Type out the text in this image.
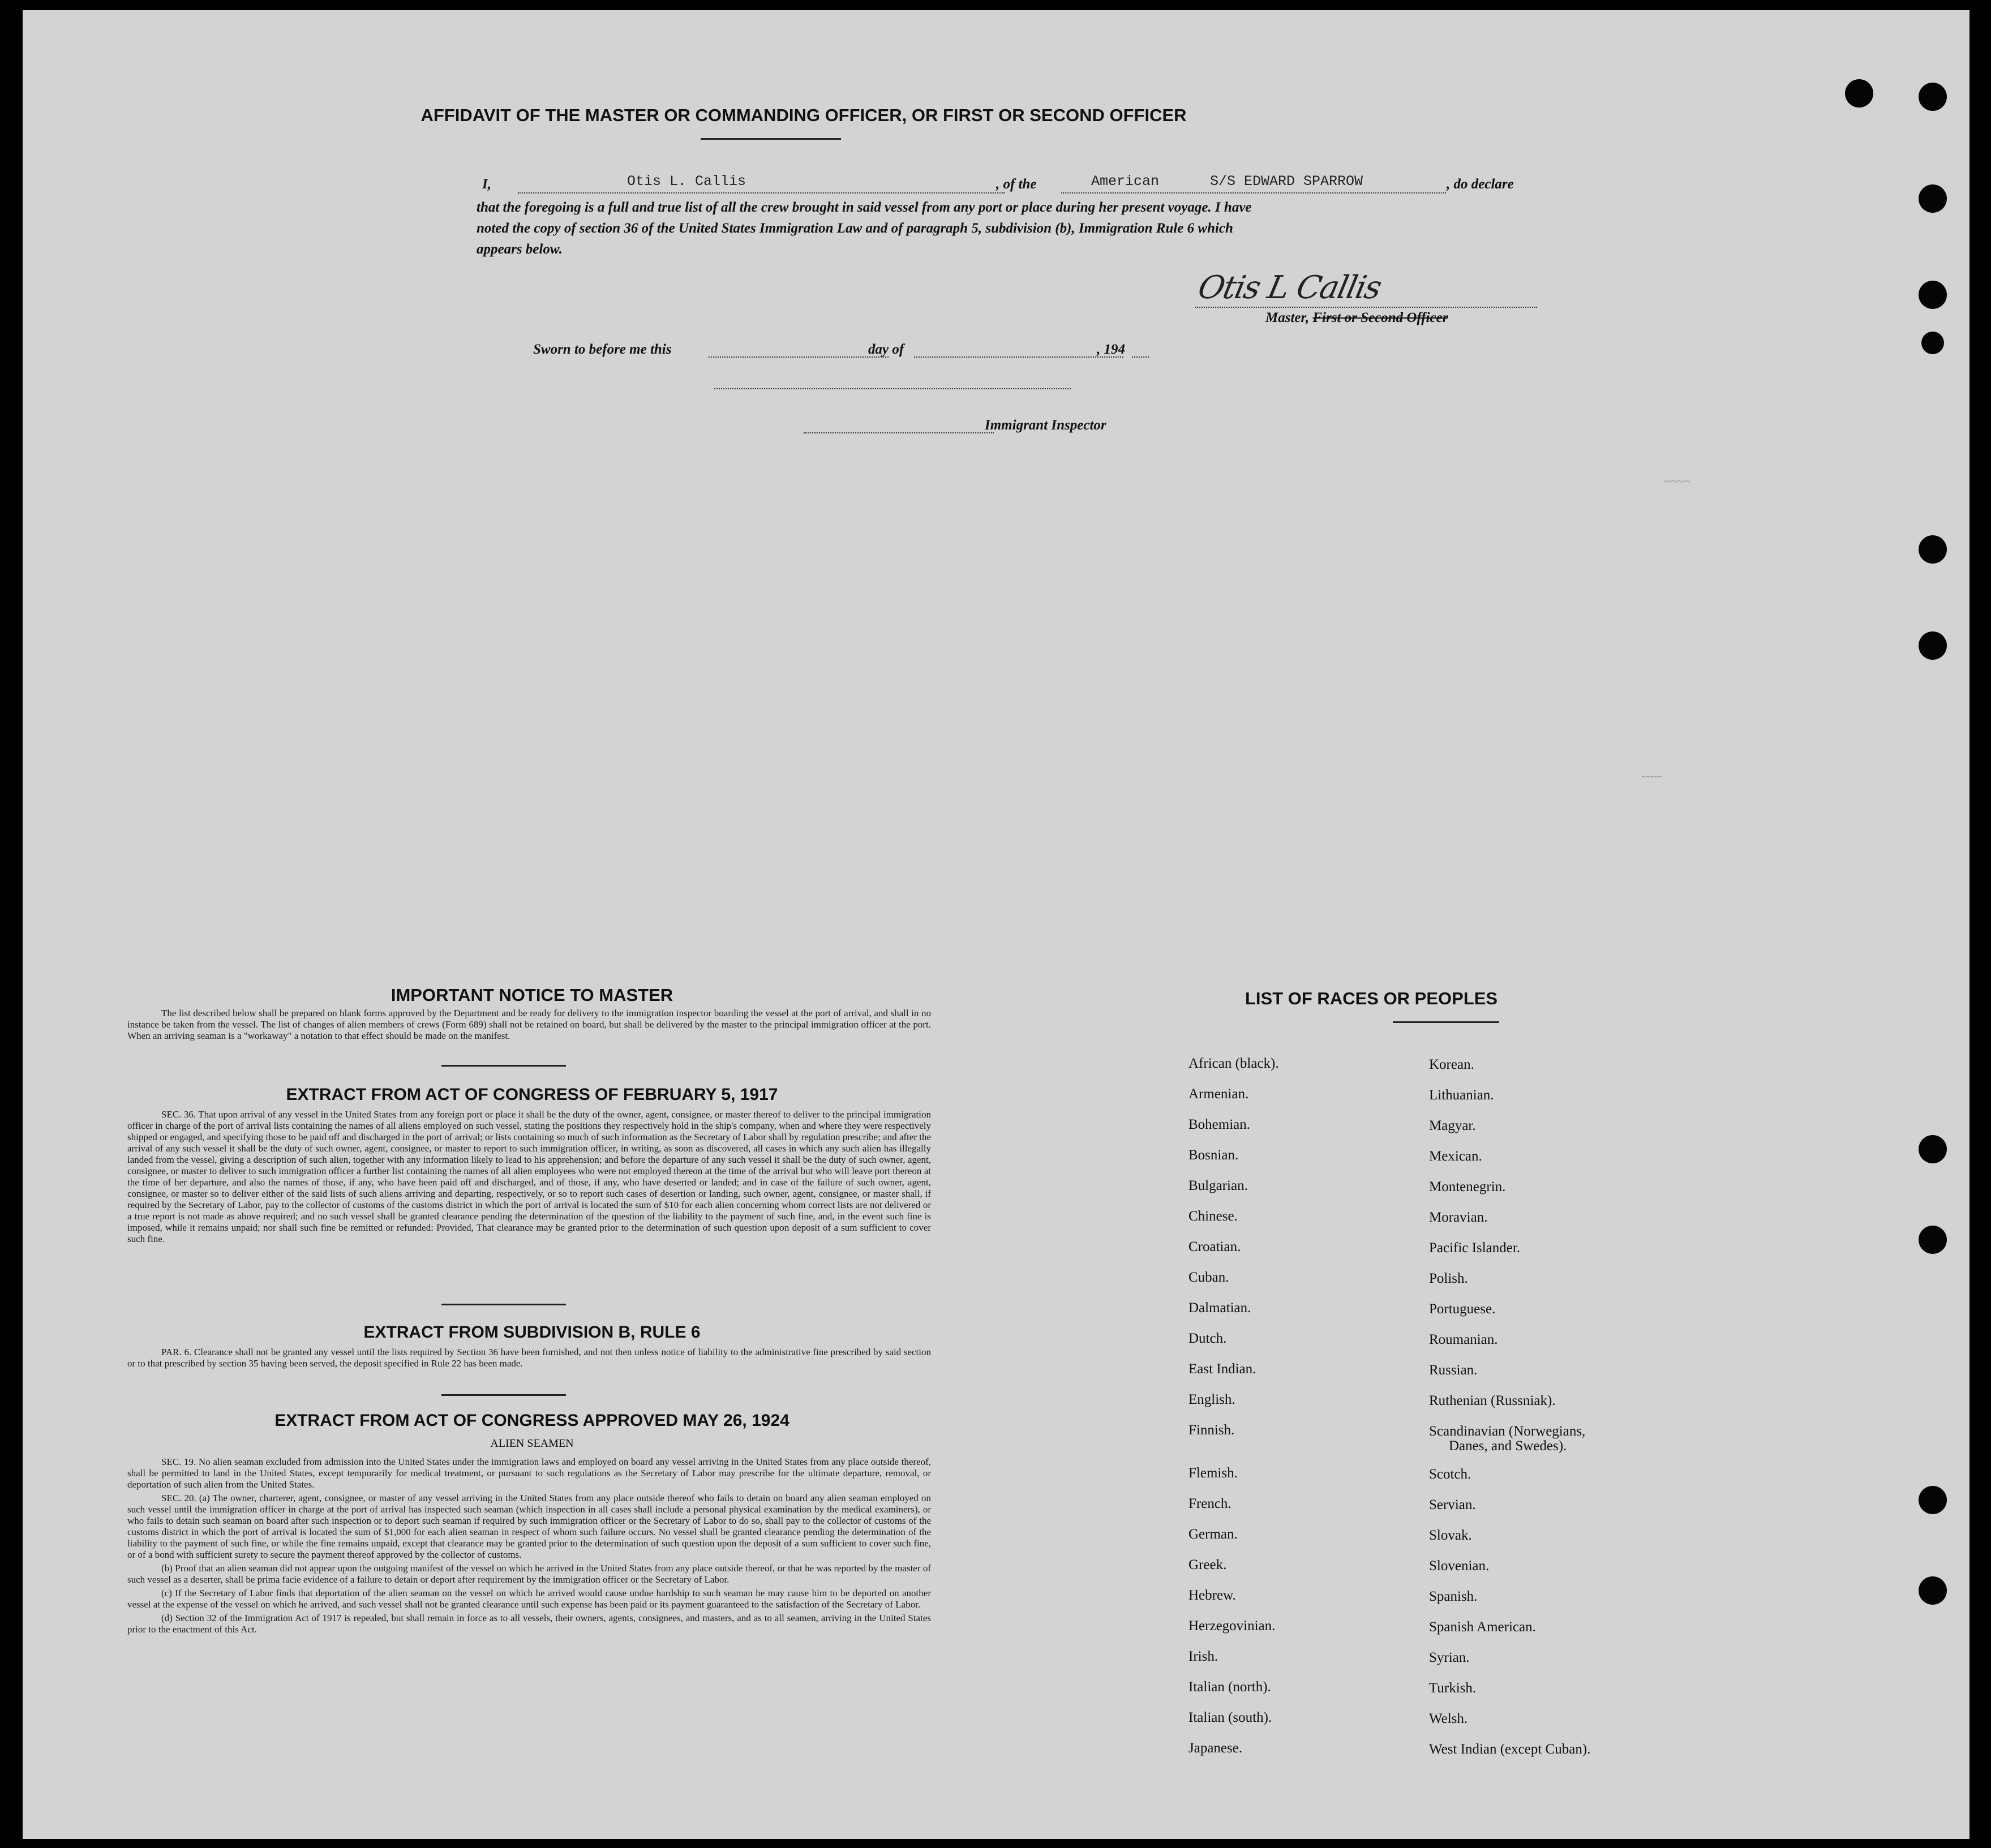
~~~~
-----
AFFIDAVIT OF THE MASTER OR COMMANDING OFFICER, OR FIRST OR SECOND OFFICER
I,	Otis L. Callis	, of the	American	S/S EDWARD SPARROW	, do declare
that the foregoing is a full and true list of all the crew brought in said vessel from any port or place during her present voyage. I have
noted the copy of section 36 of the United States Immigration Law and of paragraph 5, subdivision (b), Immigration Rule 6 which
appears below.
Otis L Callis
Master, First or Second Officer
Sworn to before me this	day of	, 194
Immigrant Inspector
IMPORTANT NOTICE TO MASTER

The list described below shall be prepared on blank forms approved by the Department and be ready for delivery to the immigration inspector boarding the vessel at the port of arrival, and shall in no instance be taken from the vessel. The list of changes of alien members of crews (Form 689) shall not be retained on board, but shall be delivered by the master to the principal immigration officer at the port. When an arriving seaman is a "workaway" a notation to that effect should be made on the manifest.

EXTRACT FROM ACT OF CONGRESS OF FEBRUARY 5, 1917

SEC. 36. That upon arrival of any vessel in the United States from any foreign port or place it shall be the duty of the owner, agent, consignee, or master thereof to deliver to the principal immigration officer in charge of the port of arrival lists containing the names of all aliens employed on such vessel, stating the positions they respectively hold in the ship's company, when and where they were respectively shipped or engaged, and specifying those to be paid off and discharged in the port of arrival; or lists containing so much of such information as the Secretary of Labor shall by regulation prescribe; and after the arrival of any such vessel it shall be the duty of such owner, agent, consignee, or master to report to such immigration officer, in writing, as soon as discovered, all cases in which any such alien has illegally landed from the vessel, giving a description of such alien, together with any information likely to lead to his apprehension; and before the departure of any such vessel it shall be the duty of such owner, agent, consignee, or master to deliver to such immigration officer a further list containing the names of all alien employees who were not employed thereon at the time of the arrival but who will leave port thereon at the time of her departure, and also the names of those, if any, who have been paid off and discharged, and of those, if any, who have deserted or landed; and in case of the failure of such owner, agent, consignee, or master so to deliver either of the said lists of such aliens arriving and departing, respectively, or so to report such cases of desertion or landing, such owner, agent, consignee, or master shall, if required by the Secretary of Labor, pay to the collector of customs of the customs district in which the port of arrival is located the sum of $10 for each alien concerning whom correct lists are not delivered or a true report is not made as above required; and no such vessel shall be granted clearance pending the determination of the question of the liability to the payment of such fine, and, in the event such fine is imposed, while it remains unpaid; nor shall such fine be remitted or refunded: Provided, That clearance may be granted prior to the determination of such question upon deposit of a sum sufficient to cover such fine.

EXTRACT FROM SUBDIVISION B, RULE 6

PAR. 6. Clearance shall not be granted any vessel until the lists required by Section 36 have been furnished, and not then unless notice of liability to the administrative fine prescribed by said section or to that prescribed by section 35 having been served, the deposit specified in Rule 22 has been made.

EXTRACT FROM ACT OF CONGRESS APPROVED MAY 26, 1924
ALIEN SEAMEN

SEC. 19. No alien seaman excluded from admission into the United States under the immigration laws and employed on board any vessel arriving in the United States from any place outside thereof, shall be permitted to land in the United States, except temporarily for medical treatment, or pursuant to such regulations as the Secretary of Labor may prescribe for the ultimate departure, removal, or deportation of such alien from the United States.

SEC. 20. (a) The owner, charterer, agent, consignee, or master of any vessel arriving in the United States from any place outside thereof who fails to detain on board any alien seaman employed on such vessel until the immigration officer in charge at the port of arrival has inspected such seaman (which inspection in all cases shall include a personal physical examination by the medical examiners), or who fails to detain such seaman on board after such inspection or to deport such seaman if required by such immigration officer or the Secretary of Labor to do so, shall pay to the collector of customs of the customs district in which the port of arrival is located the sum of $1,000 for each alien seaman in respect of whom such failure occurs. No vessel shall be granted clearance pending the determination of the liability to the payment of such fine, or while the fine remains unpaid, except that clearance may be granted prior to the determination of such question upon the deposit of a sum sufficient to cover such fine, or of a bond with sufficient surety to secure the payment thereof approved by the collector of customs.

(b) Proof that an alien seaman did not appear upon the outgoing manifest of the vessel on which he arrived in the United States from any place outside thereof, or that he was reported by the master of such vessel as a deserter, shall be prima facie evidence of a failure to detain or deport after requirement by the immigration officer or the Secretary of Labor.

(c) If the Secretary of Labor finds that deportation of the alien seaman on the vessel on which he arrived would cause undue hardship to such seaman he may cause him to be deported on another vessel at the expense of the vessel on which he arrived, and such vessel shall not be granted clearance until such expense has been paid or its payment guaranteed to the satisfaction of the Secretary of Labor.

(d) Section 32 of the Immigration Act of 1917 is repealed, but shall remain in force as to all vessels, their owners, agents, consignees, and masters, and as to all seamen, arriving in the United States prior to the enactment of this Act.

LIST OF RACES OR PEOPLES
African (black).
Armenian.
Bohemian.
Bosnian.
Bulgarian.
Chinese.
Croatian.
Cuban.
Dalmatian.
Dutch.
East Indian.
English.
Finnish.
Flemish.
French.
German.
Greek.
Hebrew.
Herzegovinian.
Irish.
Italian (north).
Italian (south).
Japanese.
Korean.
Lithuanian.
Magyar.
Mexican.
Montenegrin.
Moravian.
Pacific Islander.
Polish.
Portuguese.
Roumanian.
Russian.
Ruthenian (Russniak).
Scandinavian (Norwegians,
Danes, and Swedes).
Scotch.
Servian.
Slovak.
Slovenian.
Spanish.
Spanish American.
Syrian.
Turkish.
Welsh.
West Indian (except Cuban).
